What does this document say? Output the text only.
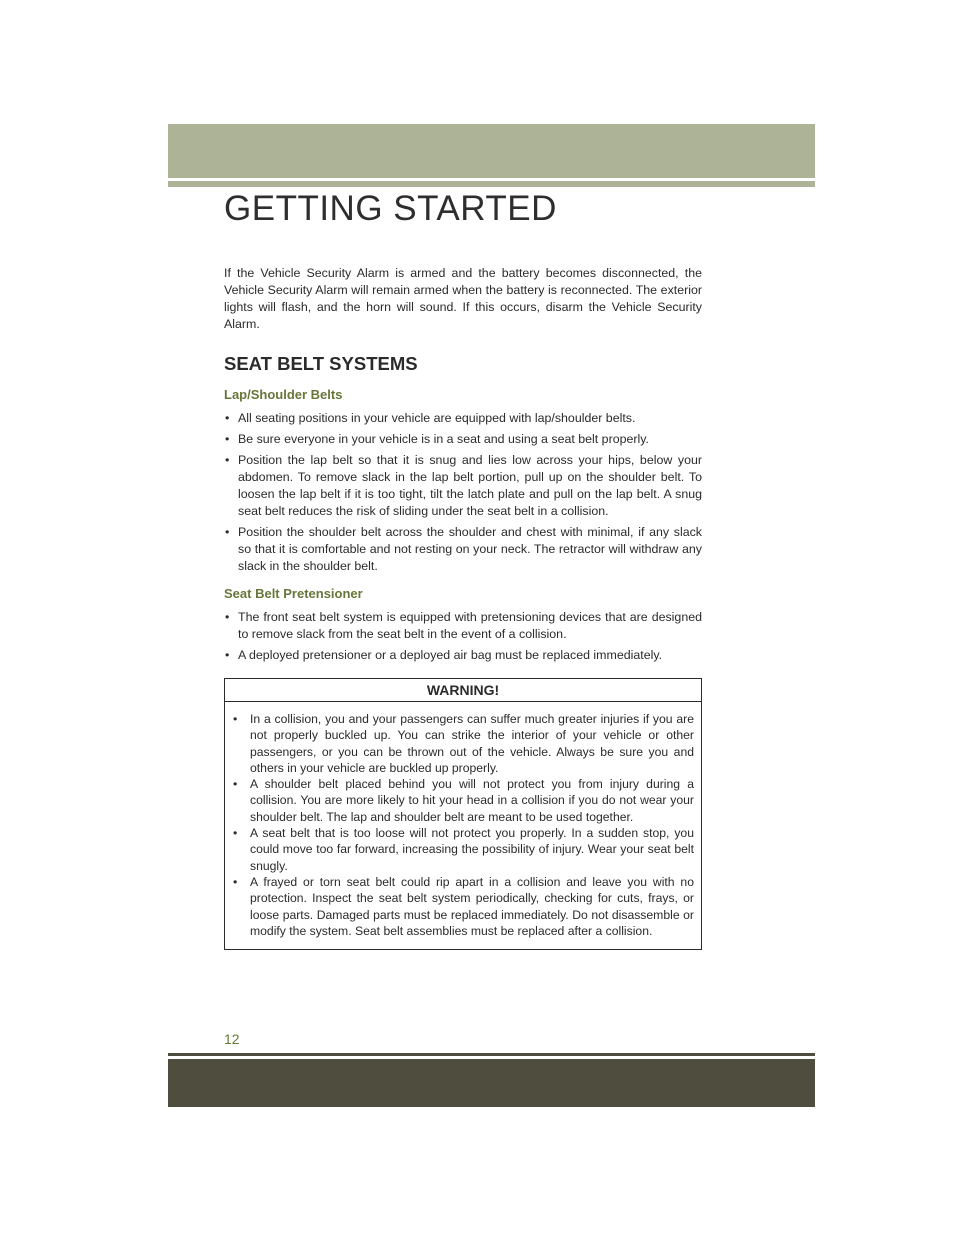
GETTING STARTED

If the Vehicle Security Alarm is armed and the battery becomes disconnected, the Vehicle Security Alarm will remain armed when the battery is reconnected. The exterior lights will flash, and the horn will sound. If this occurs, disarm the Vehicle Security Alarm.

SEAT BELT SYSTEMS
Lap/Shoulder Belts
• All seating positions in your vehicle are equipped with lap/shoulder belts.
• Be sure everyone in your vehicle is in a seat and using a seat belt properly.
• Position the lap belt so that it is snug and lies low across your hips, below your abdomen. To remove slack in the lap belt portion, pull up on the shoulder belt. To loosen the lap belt if it is too tight, tilt the latch plate and pull on the lap belt. A snug seat belt reduces the risk of sliding under the seat belt in a collision.
• Position the shoulder belt across the shoulder and chest with minimal, if any slack so that it is comfortable and not resting on your neck. The retractor will withdraw any slack in the shoulder belt.
Seat Belt Pretensioner
• The front seat belt system is equipped with pretensioning devices that are designed to remove slack from the seat belt in the event of a collision.
• A deployed pretensioner or a deployed air bag must be replaced immediately.
WARNING!
• In a collision, you and your passengers can suffer much greater injuries if you are not properly buckled up. You can strike the interior of your vehicle or other passengers, or you can be thrown out of the vehicle. Always be sure you and others in your vehicle are buckled up properly.
• A shoulder belt placed behind you will not protect you from injury during a collision. You are more likely to hit your head in a collision if you do not wear your shoulder belt. The lap and shoulder belt are meant to be used together.
• A seat belt that is too loose will not protect you properly. In a sudden stop, you could move too far forward, increasing the possibility of injury. Wear your seat belt snugly.
• A frayed or torn seat belt could rip apart in a collision and leave you with no protection. Inspect the seat belt system periodically, checking for cuts, frays, or loose parts. Damaged parts must be replaced immediately. Do not disassemble or modify the system. Seat belt assemblies must be replaced after a collision.
12
